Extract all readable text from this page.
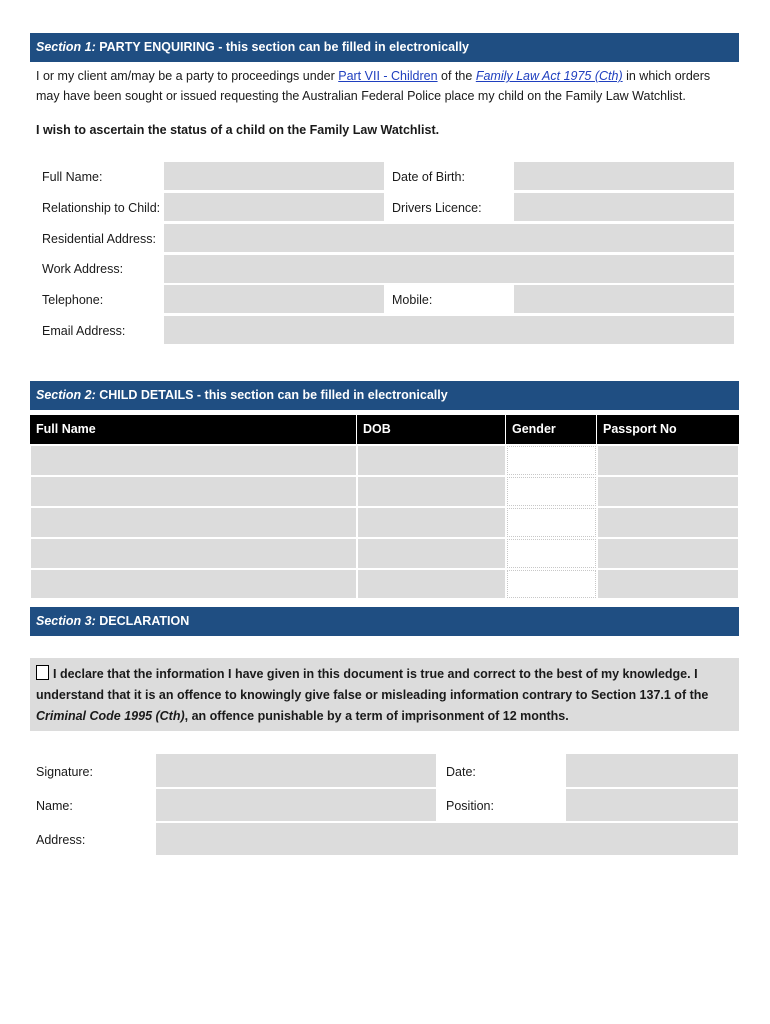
Section 1: PARTY ENQUIRING - this section can be filled in electronically
I or my client am/may be a party to proceedings under Part VII - Children of the Family Law Act 1975 (Cth) in which orders may have been sought or issued requesting the Australian Federal Police place my child on the Family Law Watchlist.
I wish to ascertain the status of a child on the Family Law Watchlist.
Full Name:	Date of Birth:
Relationship to Child:	Drivers Licence:
Residential Address:
Work Address:
Telephone:	Mobile:
Email Address:
Section 2: CHILD DETAILS - this section can be filled in electronically
Full Name	DOB	Gender	Passport No
Section 3: DECLARATION
I declare that the information I have given in this document is true and correct to the best of my knowledge. I understand that it is an offence to knowingly give false or misleading information contrary to Section 137.1 of the Criminal Code 1995 (Cth), an offence punishable by a term of imprisonment of 12 months.
Signature:	Date:
Name:	Position:
Address:
